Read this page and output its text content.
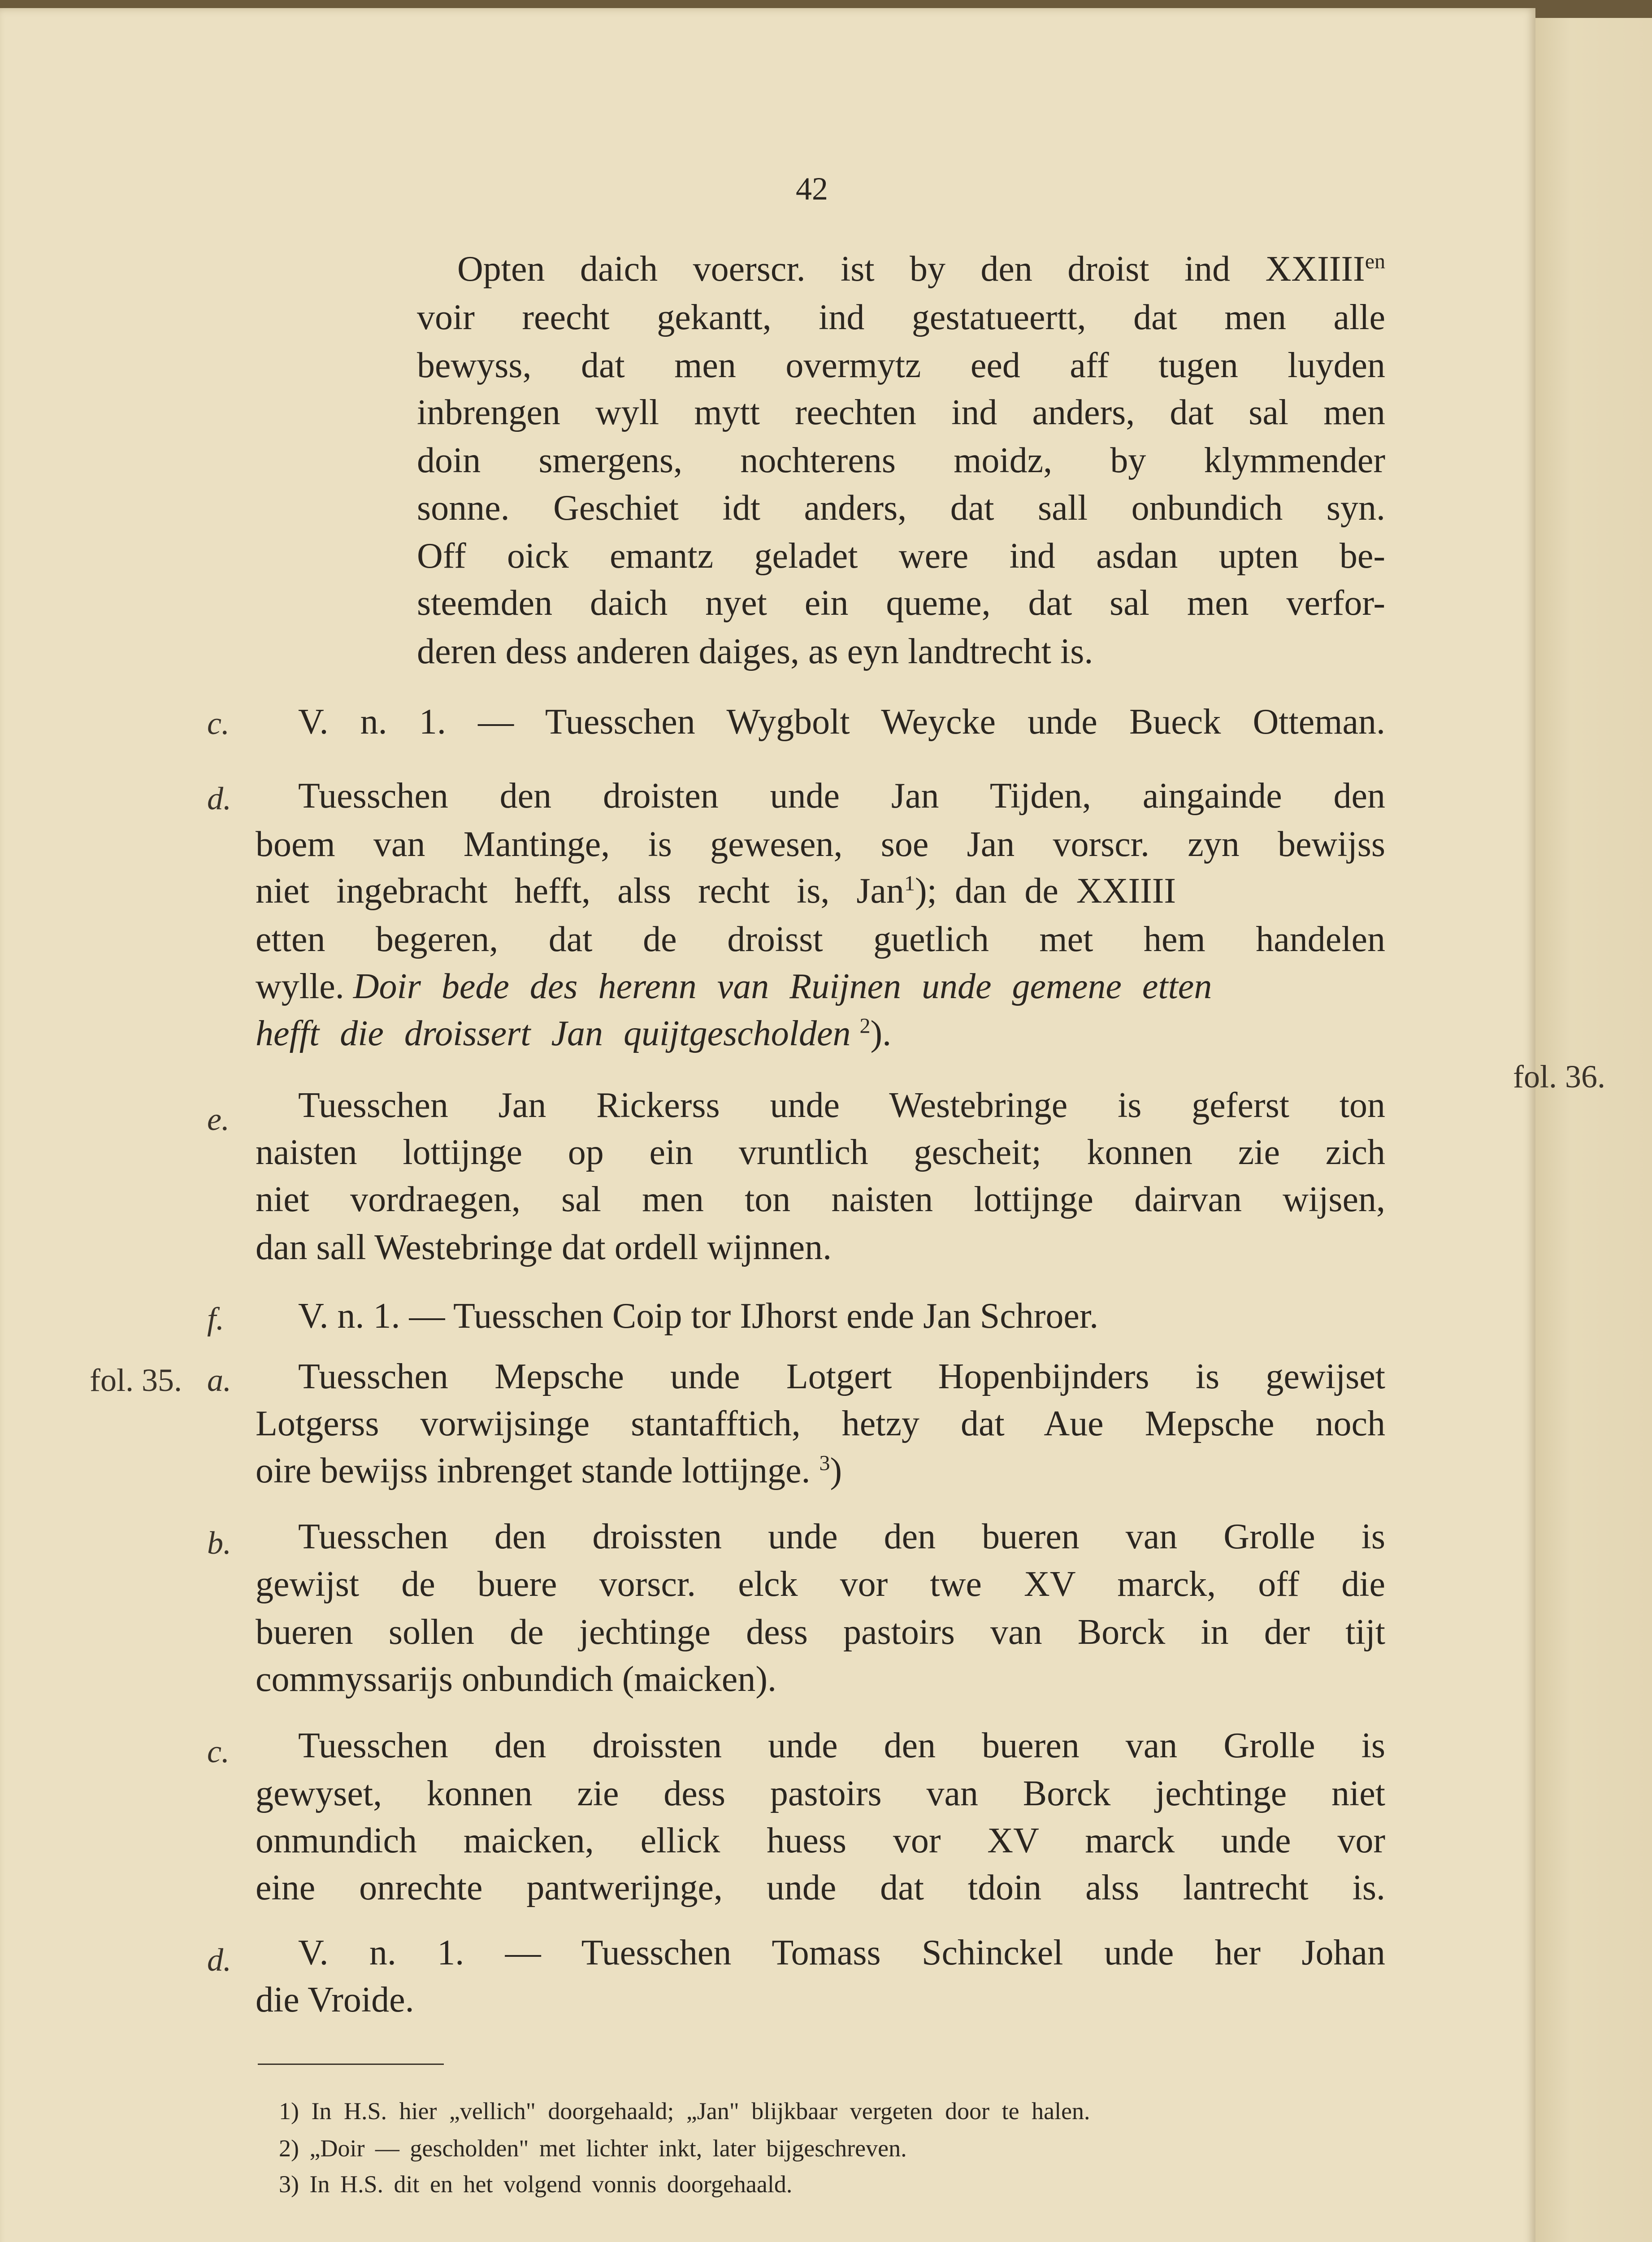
42
Opten daich voerscr. ist by den droist ind $XXIIII^{en}$
voir reecht gekantt, ind gestatueertt, dat men alle
bewyss, dat men overmytz eed aff tugen luyden
inbrengen wyll mytt reechten ind anders, dat sal men
doin smergens, nochterens moidz, by klymmender
sonne. Geschiet idt anders, dat sall onbundich syn.
Off oick emantz geladet were ind asdan upten be-
steemden daich nyet ein queme, dat sal men verfor-
deren dess anderen daiges, as eyn landtrecht is.
c. V. n. 1. — Tuesschen Wygbolt Weycke unde Bueck Otteman.
d. Tuesschen den droisten unde Jan Tijden, aingainde den
boem van Mantinge, is gewesen, soe Jan vorscr. zyn bewijss
niet ingebracht hefft, alss recht is, Jan$^1$); dan de XXIIII
etten begeren, dat de droisst guetlich met hem handelen
wylle. Doir bede des herenn van Ruijnen unde gemene etten
hefft die droissert Jan quijtgescholden $^2$).
e.
fol. 36.
Tuesschen Jan Rickerss unde Westebringe is geferst ton
naisten lottijnge op ein vruntlich gescheit; konnen zie zich
niet vordraegen, sal men ton naisten lottijnge dairvan wijsen,
dan sall Westebringe dat ordell wijnnen.
f. V. n. 1. — Tuesschen Coip tor IJhorst ende Jan Schroer.
fol. 35. a. Tuesschen Mepsche unde Lotgert Hopenbijnders is gewijset
Lotgerss vorwijsinge stantafftich, hetzy dat Aue Mepsche noch
oire bewijss inbrenget stande lottijnge. $^3$)
b. Tuesschen den droissten unde den bueren van Grolle is
gewijst de buere vorscr. elck vor twe XV marck, off die
bueren sollen de jechtinge dess pastoirs van Borck in der tijt
commyssarijs onbundich (maicken).
c. Tuesschen den droissten unde den bueren van Grolle is
gewyset, konnen zie dess pastoirs van Borck jechtinge niet
onmundich maicken, ellick huess vor XV marck unde vor
eine onrechte pantwerijnge, unde dat tdoin alss lantrecht is.
d. V. n. 1. — Tuesschen Tomass Schinckel unde her Johan
die Vroide.
1) In H.S. hier „vellich" doorgehaald; „Jan" blijkbaar vergeten door te halen.
2) „Doir — gescholden" met lichter inkt, later bijgeschreven.
3) In H.S. dit en het volgend vonnis doorgehaald.
